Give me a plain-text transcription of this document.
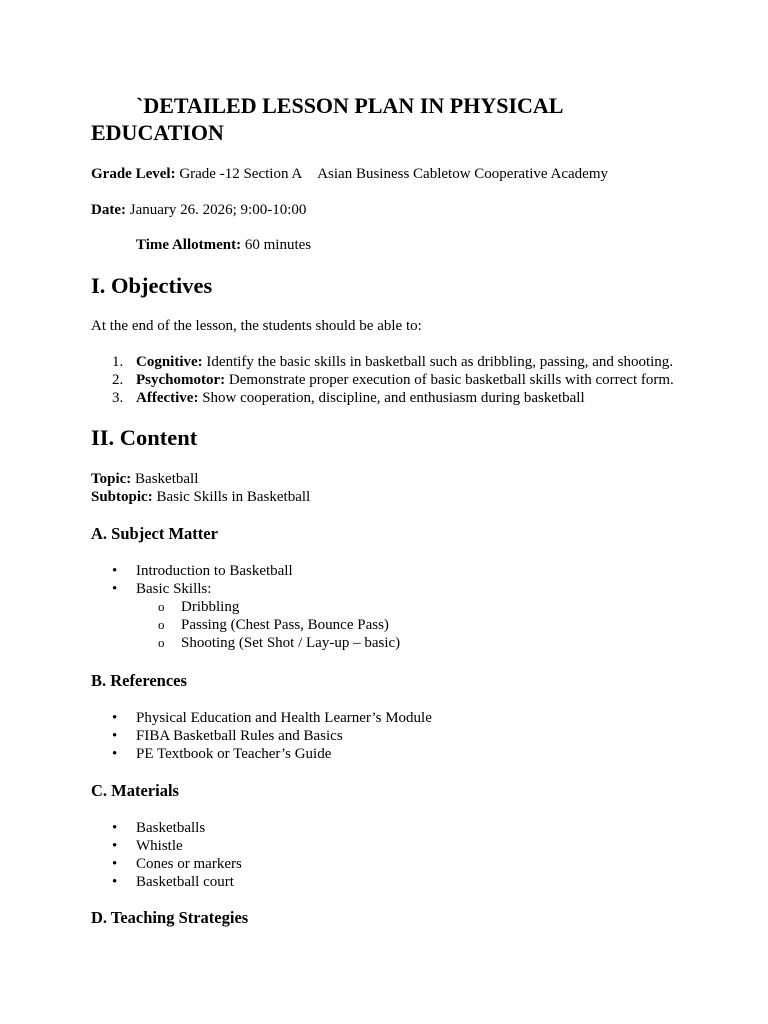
`DETAILED LESSON PLAN IN PHYSICAL EDUCATION
Grade Level: Grade -12 Section A Asian Business Cabletow Cooperative Academy
Date: January 26. 2026; 9:00-10:00
Time Allotment: 60 minutes
I. Objectives
At the end of the lesson, the students should be able to:
1. Cognitive: Identify the basic skills in basketball such as dribbling, passing, and shooting.
2. Psychomotor: Demonstrate proper execution of basic basketball skills with correct form.
3. Affective: Show cooperation, discipline, and enthusiasm during basketball
II. Content
Topic: Basketball
Subtopic: Basic Skills in Basketball
A. Subject Matter
• Introduction to Basketball
• Basic Skills:
o Dribbling
o Passing (Chest Pass, Bounce Pass)
o Shooting (Set Shot / Lay-up – basic)
B. References
• Physical Education and Health Learner’s Module
• FIBA Basketball Rules and Basics
• PE Textbook or Teacher’s Guide
C. Materials
• Basketballs
• Whistle
• Cones or markers
• Basketball court
D. Teaching Strategies
